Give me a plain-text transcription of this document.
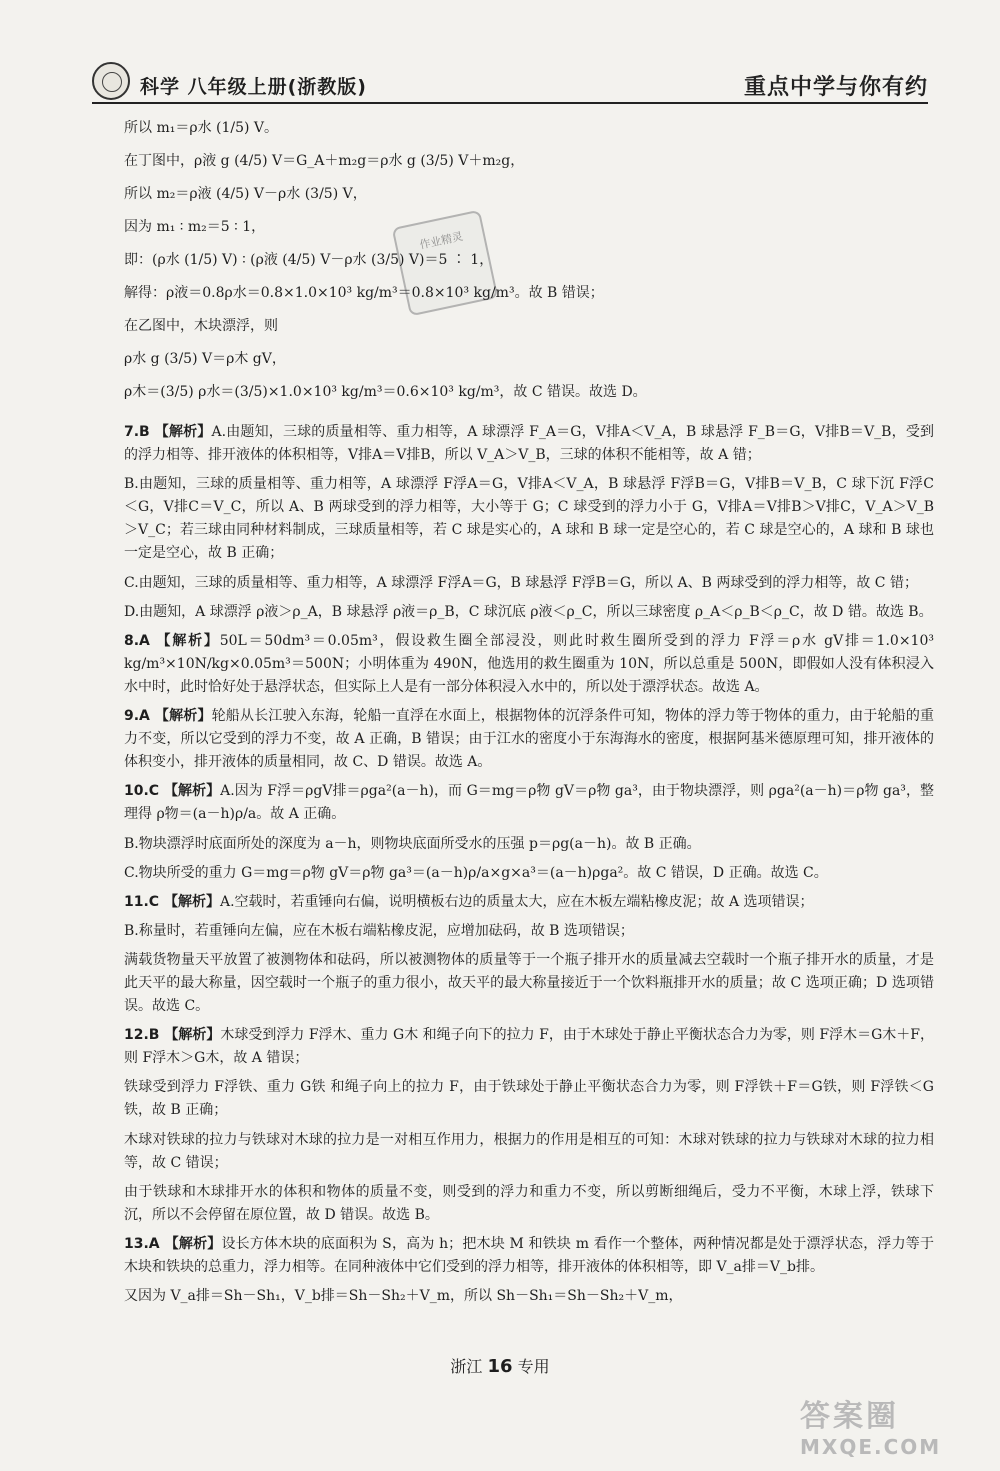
科学 八年级上册(浙教版)	重点中学与你有约
作业精灵
所以 m₁＝ρ水 (1/5) V。
在丁图中，ρ液 g (4/5) V＝G_A＋m₂g＝ρ水 g (3/5) V＋m₂g，
所以 m₂＝ρ液 (4/5) V－ρ水 (3/5) V，
因为 m₁ ∶ m₂＝5 ∶ 1，
即：(ρ水 (1/5) V) ∶ (ρ液 (4/5) V－ρ水 (3/5) V)＝5 ∶ 1，
解得：ρ液＝0.8ρ水＝0.8×1.0×10³ kg/m³＝0.8×10³ kg/m³。故 B 错误；
在乙图中，木块漂浮，则
ρ水 g (3/5) V＝ρ木 gV，
ρ木＝(3/5) ρ水＝(3/5)×1.0×10³ kg/m³＝0.6×10³ kg/m³，故 C 错误。故选 D。
7.B 【解析】A.由题知，三球的质量相等、重力相等，A 球漂浮 F_A＝G，V排A＜V_A，B 球悬浮 F_B＝G，V排B＝V_B，受到的浮力相等、排开液体的体积相等，V排A＝V排B，所以 V_A＞V_B，三球的体积不能相等，故 A 错；
B.由题知，三球的质量相等、重力相等，A 球漂浮 F浮A＝G，V排A＜V_A，B 球悬浮 F浮B＝G，V排B＝V_B，C 球下沉 F浮C＜G，V排C＝V_C，所以 A、B 两球受到的浮力相等，大小等于 G；C 球受到的浮力小于 G，V排A＝V排B＞V排C，V_A＞V_B＞V_C；若三球由同种材料制成，三球质量相等，若 C 球是实心的，A 球和 B 球一定是空心的，若 C 球是空心的，A 球和 B 球也一定是空心，故 B 正确；
C.由题知，三球的质量相等、重力相等，A 球漂浮 F浮A＝G，B 球悬浮 F浮B＝G，所以 A、B 两球受到的浮力相等，故 C 错；
D.由题知，A 球漂浮 ρ液＞ρ_A，B 球悬浮 ρ液＝ρ_B，C 球沉底 ρ液＜ρ_C，所以三球密度 ρ_A＜ρ_B＜ρ_C，故 D 错。故选 B。
8.A 【解析】50L＝50dm³＝0.05m³，假设救生圈全部浸没，则此时救生圈所受到的浮力 F浮＝ρ水 gV排＝1.0×10³ kg/m³×10N/kg×0.05m³＝500N；小明体重为 490N，他选用的救生圈重为 10N，所以总重是 500N，即假如人没有体积浸入水中时，此时恰好处于悬浮状态，但实际上人是有一部分体积浸入水中的，所以处于漂浮状态。故选 A。
9.A 【解析】轮船从长江驶入东海，轮船一直浮在水面上，根据物体的沉浮条件可知，物体的浮力等于物体的重力，由于轮船的重力不变，所以它受到的浮力不变，故 A 正确，B 错误；由于江水的密度小于东海海水的密度，根据阿基米德原理可知，排开液体的体积变小，排开液体的质量相同，故 C、D 错误。故选 A。
10.C 【解析】A.因为 F浮＝ρgV排＝ρga²(a－h)，而 G＝mg＝ρ物 gV＝ρ物 ga³，由于物块漂浮，则 ρga²(a－h)＝ρ物 ga³，整理得 ρ物＝(a－h)ρ/a。故 A 正确。
B.物块漂浮时底面所处的深度为 a－h，则物块底面所受水的压强 p＝ρg(a－h)。故 B 正确。
C.物块所受的重力 G＝mg＝ρ物 gV＝ρ物 ga³＝(a－h)ρ/a×g×a³＝(a－h)ρga²。故 C 错误，D 正确。故选 C。
11.C 【解析】A.空载时，若重锤向右偏，说明横板右边的质量太大，应在木板左端粘橡皮泥；故 A 选项错误；
B.称量时，若重锤向左偏，应在木板右端粘橡皮泥，应增加砝码，故 B 选项错误；
满载货物量天平放置了被测物体和砝码，所以被测物体的质量等于一个瓶子排开水的质量减去空载时一个瓶子排开水的质量，才是此天平的最大称量，因空载时一个瓶子的重力很小，故天平的最大称量接近于一个饮料瓶排开水的质量；故 C 选项正确；D 选项错误。故选 C。
12.B 【解析】木球受到浮力 F浮木、重力 G木 和绳子向下的拉力 F，由于木球处于静止平衡状态合力为零，则 F浮木＝G木＋F，则 F浮木＞G木，故 A 错误；
铁球受到浮力 F浮铁、重力 G铁 和绳子向上的拉力 F，由于铁球处于静止平衡状态合力为零，则 F浮铁＋F＝G铁，则 F浮铁＜G铁，故 B 正确；
木球对铁球的拉力与铁球对木球的拉力是一对相互作用力，根据力的作用是相互的可知：木球对铁球的拉力与铁球对木球的拉力相等，故 C 错误；
由于铁球和木球排开水的体积和物体的质量不变，则受到的浮力和重力不变，所以剪断细绳后，受力不平衡，木球上浮，铁球下沉，所以不会停留在原位置，故 D 错误。故选 B。
13.A 【解析】设长方体木块的底面积为 S，高为 h；把木块 M 和铁块 m 看作一个整体，两种情况都是处于漂浮状态，浮力等于木块和铁块的总重力，浮力相等。在同种液体中它们受到的浮力相等，排开液体的体积相等，即 V_a排＝V_b排。
又因为 V_a排＝Sh－Sh₁，V_b排＝Sh－Sh₂＋V_m，所以 Sh－Sh₁＝Sh－Sh₂＋V_m，
浙江 16 专用
答案圈
MXQE.COM
